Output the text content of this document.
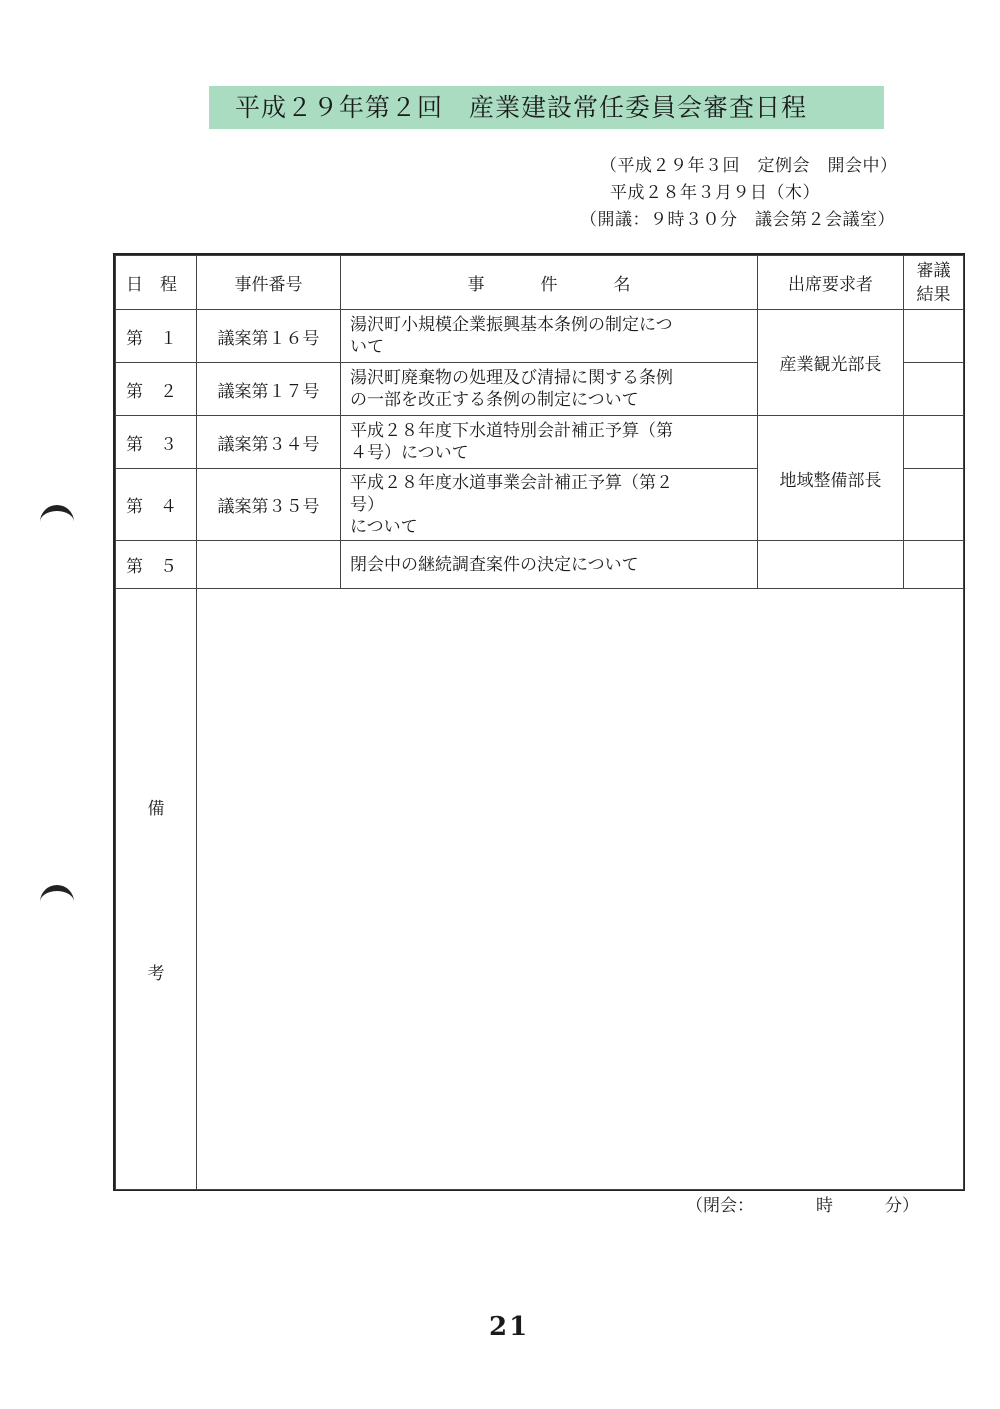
平成２９年第２回　産業建設常任委員会審査日程
（平成２９年３回　定例会　開会中）
平成２８年３月９日（木）
（開議：９時３０分　議会第２会議室）
日　程	事件番号	事 件 名	出席要求者	審議
結果

第　１	議案第１６号	湯沢町小規模企業振興基本条例の制定につ
いて	産業観光部長	
第　２	議案第１７号	湯沢町廃棄物の処理及び清掃に関する条例
の一部を改正する条例の制定について		

第　３	議案第３４号	平成２８年度下水道特別会計補正予算（第
４号）について	地域整備部長	
第　４	議案第３５号	平成２８年度水道事業会計補正予算（第２
号）
について		

第　５		閉会中の継続調査案件の決定について		

備
考				

（閉会：	時	分）
21
